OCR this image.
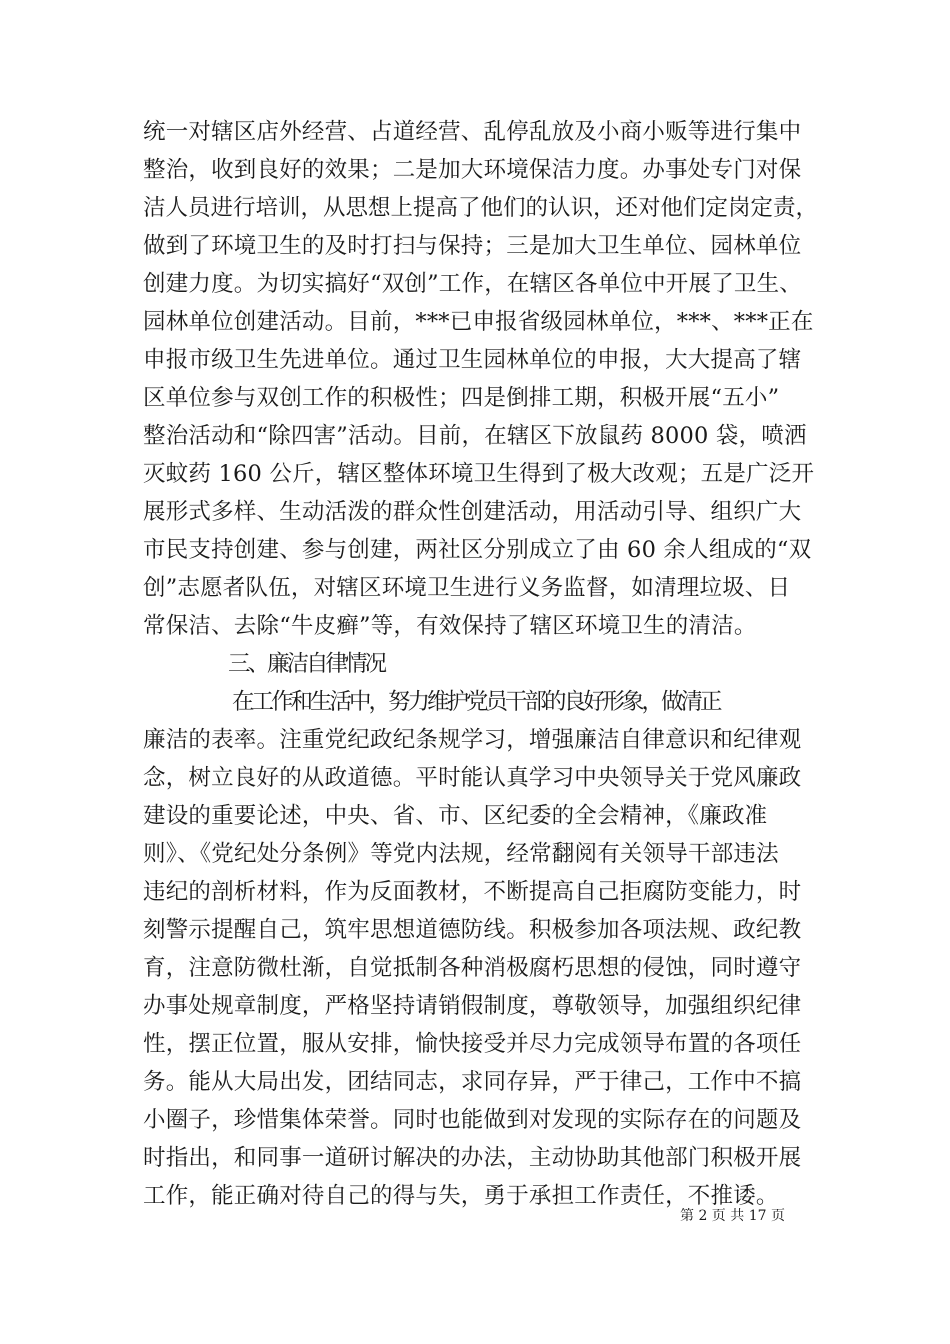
统一对辖区店外经营、占道经营、乱停乱放及小商小贩等进行集中
整治，收到良好的效果；二是加大环境保洁力度。办事处专门对保
洁人员进行培训，从思想上提高了他们的认识，还对他们定岗定责，
做到了环境卫生的及时打扫与保持；三是加大卫生单位、园林单位
创建力度。为切实搞好“双创”工作，在辖区各单位中开展了卫生、
园林单位创建活动。目前，***已申报省级园林单位，***、***正在
申报市级卫生先进单位。通过卫生园林单位的申报，大大提高了辖
区单位参与双创工作的积极性；四是倒排工期，积极开展“五小”
整治活动和“除四害”活动。目前，在辖区下放鼠药 8000 袋，喷洒
灭蚊药 160 公斤，辖区整体环境卫生得到了极大改观；五是广泛开
展形式多样、生动活泼的群众性创建活动，用活动引导、组织广大
市民支持创建、参与创建，两社区分别成立了由 60 余人组成的“双
创”志愿者队伍，对辖区环境卫生进行义务监督，如清理垃圾、日
常保洁、去除“牛皮癣”等，有效保持了辖区环境卫生的清洁。
三、廉洁自律情况
在工作和生活中，努力维护党员干部的良好形象，做清正
廉洁的表率。注重党纪政纪条规学习，增强廉洁自律意识和纪律观
念，树立良好的从政道德。平时能认真学习中央领导关于党风廉政
建设的重要论述，中央、省、市、区纪委的全会精神，《廉政准
则》、《党纪处分条例》等党内法规，经常翻阅有关领导干部违法
违纪的剖析材料，作为反面教材，不断提高自己拒腐防变能力，时
刻警示提醒自己，筑牢思想道德防线。积极参加各项法规、政纪教
育，注意防微杜渐，自觉抵制各种消极腐朽思想的侵蚀，同时遵守
办事处规章制度，严格坚持请销假制度，尊敬领导，加强组织纪律
性，摆正位置，服从安排，愉快接受并尽力完成领导布置的各项任
务。能从大局出发，团结同志，求同存异，严于律己，工作中不搞
小圈子，珍惜集体荣誉。同时也能做到对发现的实际存在的问题及
时指出，和同事一道研讨解决的办法，主动协助其他部门积极开展
工作，能正确对待自己的得与失，勇于承担工作责任，不推诿。
第 2 页 共 17 页
